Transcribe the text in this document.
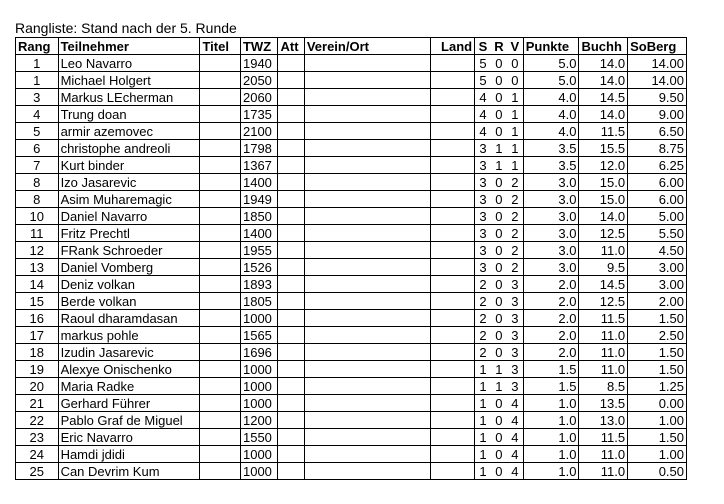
Rangliste: Stand nach der 5. Runde
Rang	Teilnehmer	Titel	TWZ	Att	Verein/Ort	Land	S	R	V	Punkte	Buchh	SoBerg
1	Leo Navarro		1940				5	0	0	5.0	14.0	14.00
1	Michael Holgert		2050				5	0	0	5.0	14.0	14.00
3	Markus LEcherman		2060				4	0	1	4.0	14.5	9.50
4	Trung doan		1735				4	0	1	4.0	14.0	9.00
5	armir azemovec		2100				4	0	1	4.0	11.5	6.50
6	christophe andreoli		1798				3	1	1	3.5	15.5	8.75
7	Kurt binder		1367				3	1	1	3.5	12.0	6.25
8	Izo Jasarevic		1400				3	0	2	3.0	15.0	6.00
8	Asim Muharemagic		1949				3	0	2	3.0	15.0	6.00
10	Daniel Navarro		1850				3	0	2	3.0	14.0	5.00
11	Fritz Prechtl		1400				3	0	2	3.0	12.5	5.50
12	FRank Schroeder		1955				3	0	2	3.0	11.0	4.50
13	Daniel Vomberg		1526				3	0	2	3.0	9.5	3.00
14	Deniz volkan		1893				2	0	3	2.0	14.5	3.00
15	Berde volkan		1805				2	0	3	2.0	12.5	2.00
16	Raoul dharamdasan		1000				2	0	3	2.0	11.5	1.50
17	markus pohle		1565				2	0	3	2.0	11.0	2.50
18	Izudin Jasarevic		1696				2	0	3	2.0	11.0	1.50
19	Alexye Onischenko		1000				1	1	3	1.5	11.0	1.50
20	Maria Radke		1000				1	1	3	1.5	8.5	1.25
21	Gerhard Führer		1000				1	0	4	1.0	13.5	0.00
22	Pablo Graf de Miguel		1200				1	0	4	1.0	13.0	1.00
23	Eric Navarro		1550				1	0	4	1.0	11.5	1.50
24	Hamdi jdidi		1000				1	0	4	1.0	11.0	1.00
25	Can Devrim Kum		1000				1	0	4	1.0	11.0	0.50
